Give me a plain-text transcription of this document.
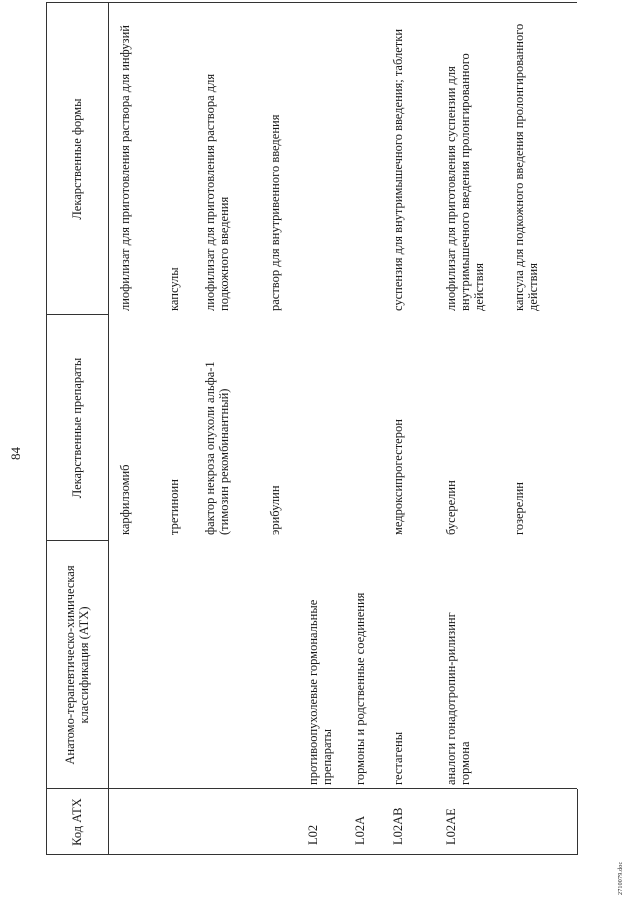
84
Код АТХ
Анатомо-терапевтическо-химическая классификация (АТХ)
Лекарственные препараты
Лекарственные формы
карфилзомиб
лиофилизат для приготовления раствора для инфузий
третиноин
капсулы
фактор некроза опухоли альфа-1 (тимозин рекомбинантный)
лиофилизат для приготовления раствора для подкожного введения
эрибулин
раствор для внутривенного введения
L02
противоопухолевые гормональные препараты
L02A
гормоны и родственные соединения
L02AB
гестагены
медроксипрогестерон
суспензия для внутримышечного введения; таблетки
L02AE
аналоги гонадотропин-рилизинг гормона
бусерелин
лиофилизат для приготовления суспензии для внутримышечного введения пролонгированного действия
гозерелин
капсула для подкожного введения пролонгированного действия
2710079.doc
